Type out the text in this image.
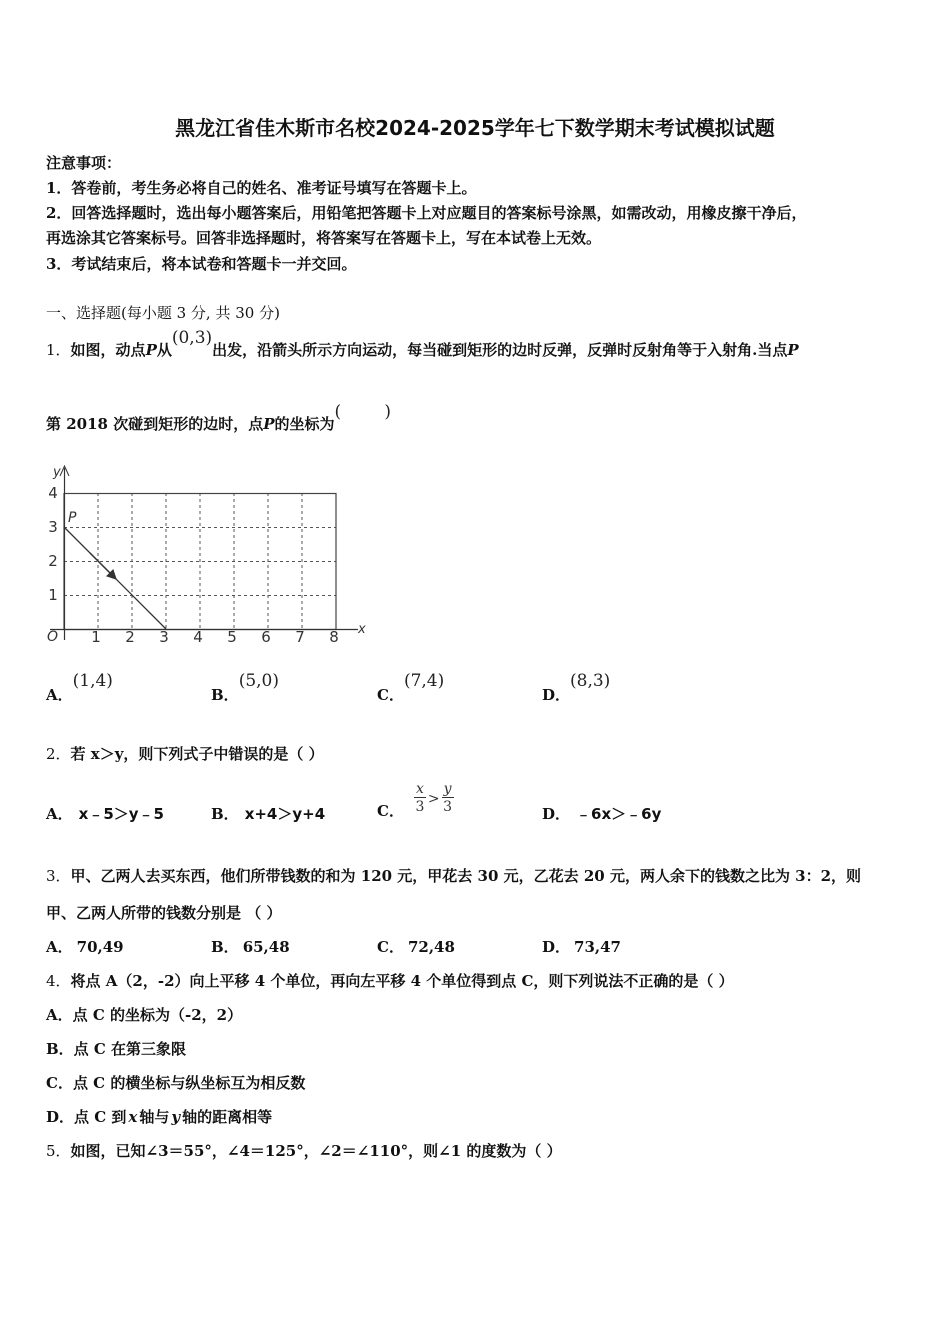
黑龙江省佳木斯市名校2024-2025学年七下数学期末考试模拟试题
注意事项：
1．答卷前，考生务必将自己的姓名、准考证号填写在答题卡上。
2．回答选择题时，选出每小题答案后，用铅笔把答题卡上对应题目的答案标号涂黑，如需改动，用橡皮擦干净后，
再选涂其它答案标号。回答非选择题时，将答案写在答题卡上，写在本试卷上无效。
3．考试结束后，将本试卷和答题卡一并交回。
一、选择题(每小题 3 分, 共 30 分)
1．如图，动点P从(0,3)出发，沿箭头所示方向运动，每当碰到矩形的边时反弹，反弹时反射角等于入射角.当点P
第 2018 次碰到矩形的边时，点P的坐标为(        )
y
x
O
P
1 2 3 4 5 6 7 8
1
2
3
4
A．(1,4)
B．(5,0)
C．(7,4)
D．(8,3)
2．若 x＞y，则下列式子中错误的是（ ）
A． x﹣5＞y﹣5	B． x+4＞y+4	C． $\frac{x}{3} > \frac{y}{3}$	D． ﹣6x＞﹣6y
3．甲、乙两人去买东西，他们所带钱数的和为 120 元，甲花去 30 元，乙花去 20 元，两人余下的钱数之比为 3：2，则
甲、乙两人所带的钱数分别是 （ ）
A． 70,49	B． 65,48	C． 72,48	D． 73,47
4．将点 A（2，-2）向上平移 4 个单位，再向左平移 4 个单位得到点 C，则下列说法不正确的是（ ）
A．点 C 的坐标为（-2，2）
B．点 C 在第三象限
C．点 C 的横坐标与纵坐标互为相反数
D．点 C 到 x 轴与 y 轴的距离相等
5．如图，已知∠3＝55°，∠4＝125°，∠2＝∠110°，则∠1 的度数为（ ）
